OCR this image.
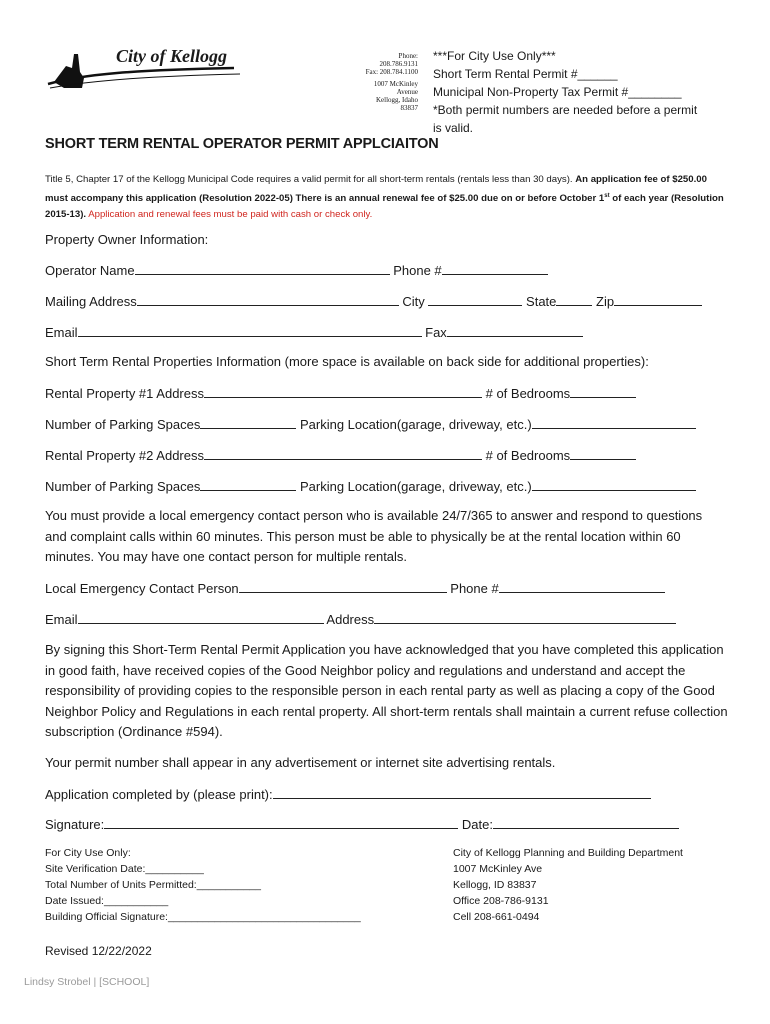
City of Kellogg	Phone: 208.786.9131
Fax: 208.784.1100
1007 McKinley Avenue
Kellogg, Idaho 83837
***For City Use Only***
Short Term Rental Permit #______
Municipal Non-Property Tax Permit #________
*Both permit numbers are needed before a permit
is valid.
SHORT TERM RENTAL OPERATOR PERMIT APPLCIAITON
Title 5, Chapter 17 of the Kellogg Municipal Code requires a valid permit for all short-term rentals (rentals less than 30 days). An application fee of $250.00 must accompany this application (Resolution 2022-05) There is an annual renewal fee of $25.00 due on or before October 1st of each year (Resolution 2015-13). Application and renewal fees must be paid with cash or check only.
Property Owner Information:
Operator Name	Phone #
Mailing Address	City	State	Zip
Email	Fax
Short Term Rental Properties Information (more space is available on back side for additional properties):
Rental Property #1 Address	# of Bedrooms
Number of Parking Spaces	Parking Location(garage, driveway, etc.)
Rental Property #2 Address	# of Bedrooms
Number of Parking Spaces	Parking Location(garage, driveway, etc.)
You must provide a local emergency contact person who is available 24/7/365 to answer and respond to questions and complaint calls within 60 minutes. This person must be able to physically be at the rental location within 60 minutes. You may have one contact person for multiple rentals.
Local Emergency Contact Person	Phone #
Email	Address
By signing this Short-Term Rental Permit Application you have acknowledged that you have completed this application in good faith, have received copies of the Good Neighbor policy and regulations and understand and accept the responsibility of providing copies to the responsible person in each rental party as well as placing a copy of the Good Neighbor Policy and Regulations in each rental property. All short-term rentals shall maintain a current refuse collection subscription (Ordinance #594).
Your permit number shall appear in any advertisement or internet site advertising rentals.
Application completed by (please print):
Signature:	Date:
For City Use Only:
Site Verification Date:__________
Total Number of Units Permitted:___________
Date Issued:___________
Building Official Signature:_________________________________
City of Kellogg Planning and Building Department
1007 McKinley Ave
Kellogg, ID 83837
Office 208-786-9131
Cell 208-661-0494
Revised 12/22/2022
Lindsy Strobel | [SCHOOL]
